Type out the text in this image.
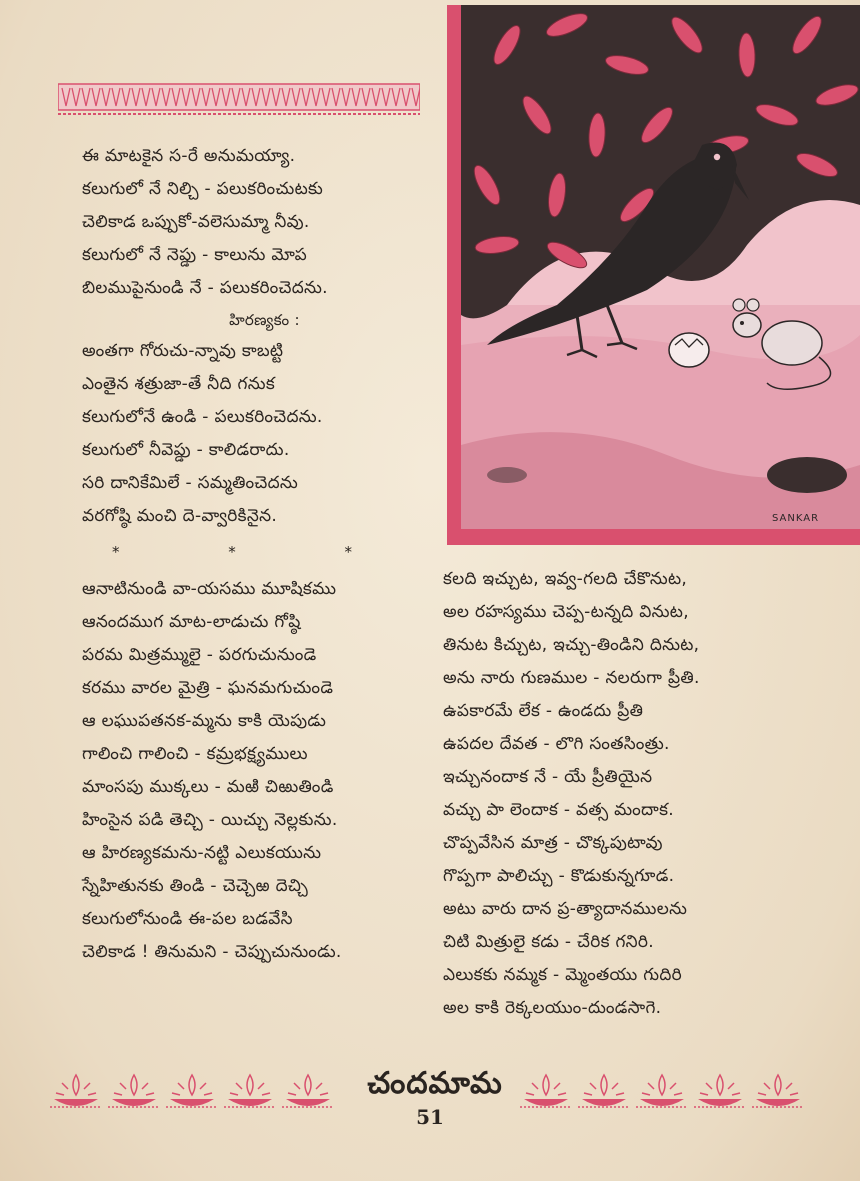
ఈ మాటకైన స-రే అనుమయ్యా.
కలుగులో నే నిల్చి - పలుకరించుటకు
చెలికాడ ఒప్పుకో-వలెసుమ్మా నీవు.
కలుగులో నే నెప్డు - కాలును మోప
బిలముపైనుండి నే - పలుకరించెదను.
హిరణ్యకం :
అంతగా గోరుచు-న్నావు కాబట్టి
ఎంతైన శత్రుజా-తే నీది గనుక
కలుగులోనే ఉండి - పలుకరించెదను.
కలుగులో నీవెప్డు - కాలిడరాదు.
సరి దానికేమిలే - సమ్మతించెదను
వరగోష్ఠి మంచి దె-వ్వారికినైన.
*	*	*
ఆనాటినుండి వా-యసము మూషికము
ఆనందముగ మాట-లాడుచు గోష్ఠి
పరమ మిత్రమ్ములై - పరగుచునుండె
కరము వారల మైత్రి - ఘనమగుచుండె
ఆ లఘుపతనక-మ్మను కాకి యెపుడు
గాలించి గాలించి - కమ్రభక్ష్యములు
మాంసపు ముక్కలు - మఱి చిఱుతిండి
హింసైన పడి తెచ్చి - యిచ్చు నెల్లకును.
ఆ హిరణ్యకమను-నట్టి ఎలుకయును
స్నేహితునకు తిండి - చెచ్చెఱ దెచ్చి
కలుగులోనుండి ఈ-పల బడవేసి
చెలికాడ ! తినుమని - చెప్పుచునుండు.
SANKAR
కలది ఇచ్చుట, ఇవ్వ-గలది చేకొనుట,
అల రహస్యము చెప్ప-టన్నది వినుట,
తినుట కిచ్చుట, ఇచ్చు-తిండిని దినుట,
అను నారు గుణముల - నలరుగా ప్రీతి.
ఉపకారమే లేక - ఉండదు ప్రీతి
ఉపదల దేవత - లొగి సంతసింత్రు.
ఇచ్చునందాక నే - యే ప్రీతియైన
వచ్చు పా లెందాక - వత్స మందాక.
చొప్పవేసిన మాత్ర - చొక్కపుటావు
గొప్పగా పాలిచ్చు - కొడుకున్నగూడ.
అటు వారు దాన ప్ర-త్యాదానములను
చిటి మిత్రులై కడు - చేరిక గనిరి.
ఎలుకకు నమ్మక - మ్మెంతయు గుదిరి
అల కాకి రెక్కలయుం-దుండసాగె.
చందమామ
51
